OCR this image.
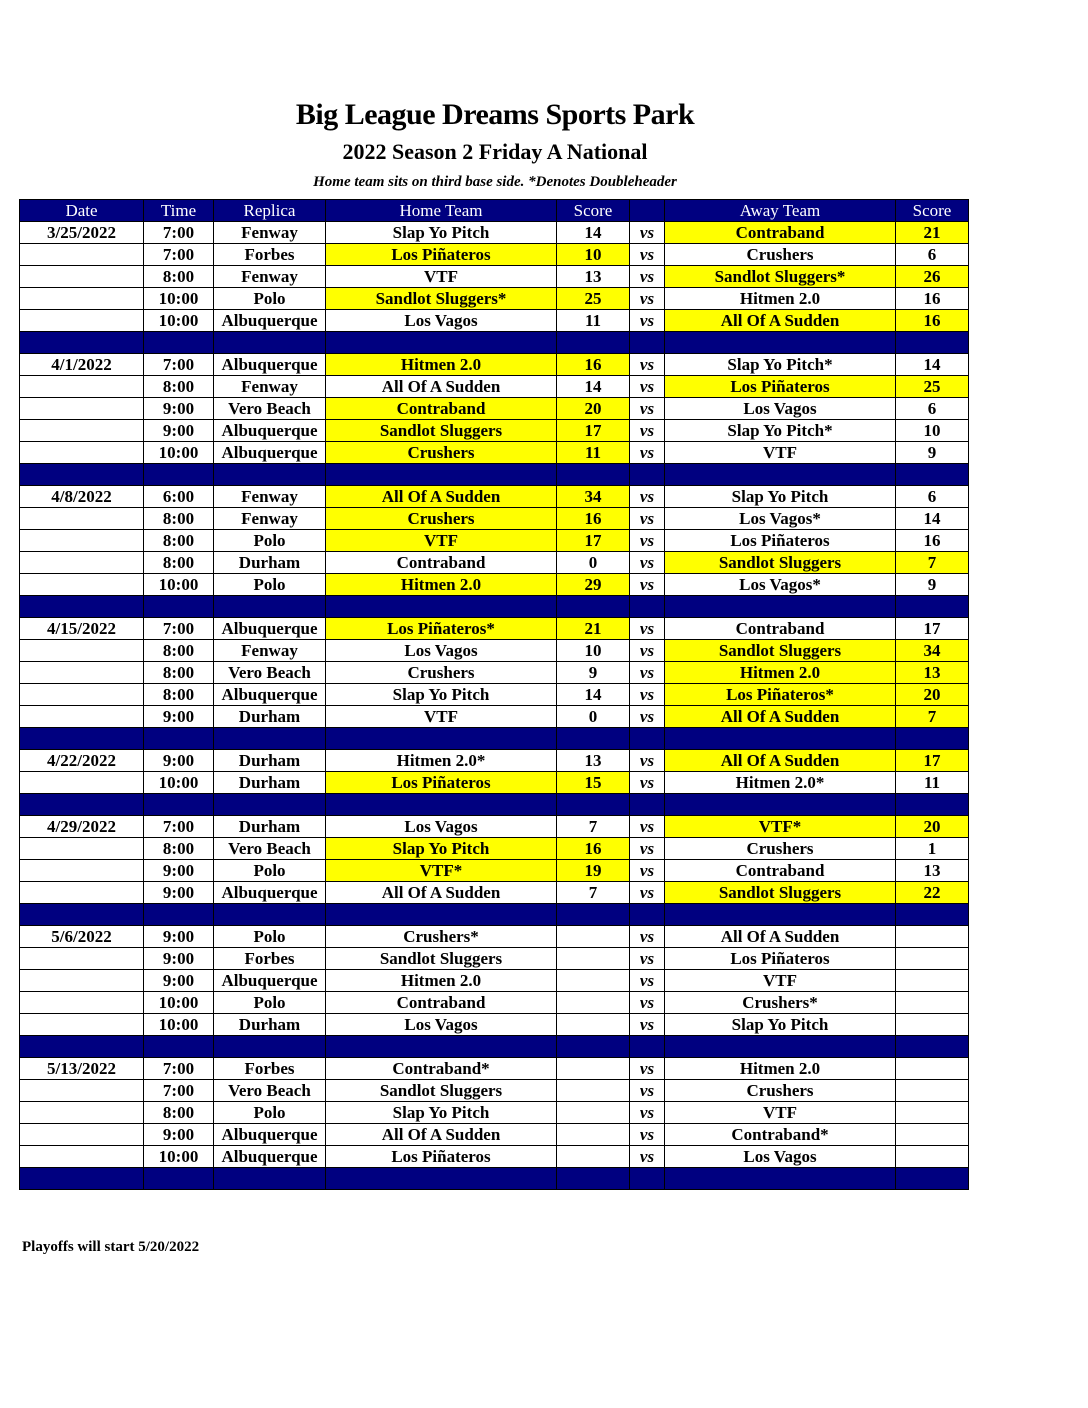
Big League Dreams Sports Park
2022 Season 2 Friday A National
Home team sits on third base side. *Denotes Doubleheader
Date	Time	Replica	Home Team	Score		Away Team	Score
3/25/2022	7:00	Fenway	Slap Yo Pitch	14	vs	Contraband	21
	7:00	Forbes	Los Piñateros	10	vs	Crushers	6
	8:00	Fenway	VTF	13	vs	Sandlot Sluggers*	26
	10:00	Polo	Sandlot Sluggers*	25	vs	Hitmen 2.0	16
	10:00	Albuquerque	Los Vagos	11	vs	All Of A Sudden	16

4/1/2022	7:00	Albuquerque	Hitmen 2.0	16	vs	Slap Yo Pitch*	14
	8:00	Fenway	All Of A Sudden	14	vs	Los Piñateros	25
	9:00	Vero Beach	Contraband	20	vs	Los Vagos	6
	9:00	Albuquerque	Sandlot Sluggers	17	vs	Slap Yo Pitch*	10
	10:00	Albuquerque	Crushers	11	vs	VTF	9

4/8/2022	6:00	Fenway	All Of A Sudden	34	vs	Slap Yo Pitch	6
	8:00	Fenway	Crushers	16	vs	Los Vagos*	14
	8:00	Polo	VTF	17	vs	Los Piñateros	16
	8:00	Durham	Contraband	0	vs	Sandlot Sluggers	7
	10:00	Polo	Hitmen 2.0	29	vs	Los Vagos*	9

4/15/2022	7:00	Albuquerque	Los Piñateros*	21	vs	Contraband	17
	8:00	Fenway	Los Vagos	10	vs	Sandlot Sluggers	34
	8:00	Vero Beach	Crushers	9	vs	Hitmen 2.0	13
	8:00	Albuquerque	Slap Yo Pitch	14	vs	Los Piñateros*	20
	9:00	Durham	VTF	0	vs	All Of A Sudden	7

4/22/2022	9:00	Durham	Hitmen 2.0*	13	vs	All Of A Sudden	17
	10:00	Durham	Los Piñateros	15	vs	Hitmen 2.0*	11

4/29/2022	7:00	Durham	Los Vagos	7	vs	VTF*	20
	8:00	Vero Beach	Slap Yo Pitch	16	vs	Crushers	1
	9:00	Polo	VTF*	19	vs	Contraband	13
	9:00	Albuquerque	All Of A Sudden	7	vs	Sandlot Sluggers	22

5/6/2022	9:00	Polo	Crushers*		vs	All Of A Sudden	
	9:00	Forbes	Sandlot Sluggers		vs	Los Piñateros	
	9:00	Albuquerque	Hitmen 2.0		vs	VTF	
	10:00	Polo	Contraband		vs	Crushers*	
	10:00	Durham	Los Vagos		vs	Slap Yo Pitch	

5/13/2022	7:00	Forbes	Contraband*		vs	Hitmen 2.0	
	7:00	Vero Beach	Sandlot Sluggers		vs	Crushers	
	8:00	Polo	Slap Yo Pitch		vs	VTF	
	9:00	Albuquerque	All Of A Sudden		vs	Contraband*	
	10:00	Albuquerque	Los Piñateros		vs	Los Vagos	

Playoffs will start 5/20/2022
